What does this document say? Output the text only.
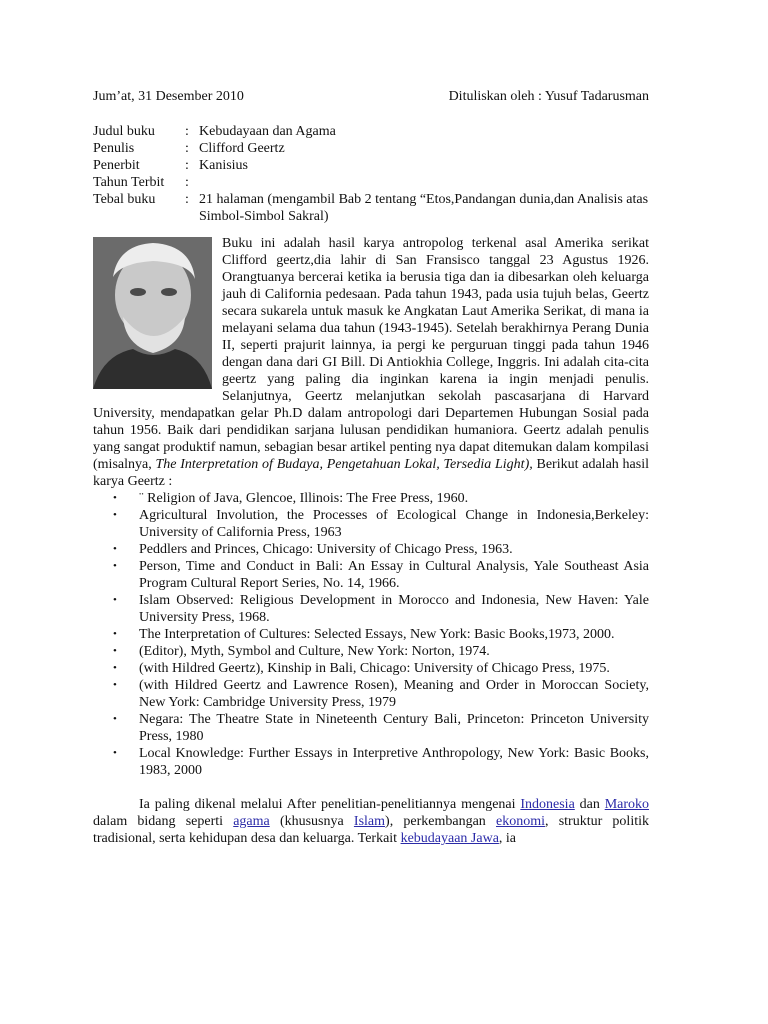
Jum’at, 31 Desember 2010	Dituliskan oleh : Yusuf Tadarusman
Judul buku	: Kebudayaan dan Agama
Penulis	: Clifford Geertz
Penerbit	: Kanisius
Tahun Terbit	:
Tebal buku	: 21 halaman (mengambil Bab 2 tentang “Etos,Pandangan dunia,dan Analisis atas Simbol-Simbol Sakral)

Buku ini adalah hasil karya antropolog terkenal asal Amerika serikat Clifford geertz,dia lahir di San Fransisco tanggal 23 Agustus 1926. Orangtuanya bercerai ketika ia berusia tiga dan ia dibesarkan oleh keluarga jauh di California pedesaan. Pada tahun 1943, pada usia tujuh belas, Geertz secara sukarela untuk masuk ke Angkatan Laut Amerika Serikat, di mana ia melayani selama dua tahun (1943-1945). Setelah berakhirnya Perang Dunia II, seperti prajurit lainnya, ia pergi ke perguruan tinggi pada tahun 1946 dengan dana dari GI Bill. Di Antiokhia College, Inggris. Ini adalah cita-cita geertz yang paling dia inginkan karena ia ingin menjadi penulis. Selanjutnya, Geertz melanjutkan sekolah pascasarjana di Harvard University, mendapatkan gelar Ph.D dalam antropologi dari Departemen Hubungan Sosial pada tahun 1956. Baik dari pendidikan sarjana lulusan pendidikan humaniora. Geertz adalah penulis yang sangat produktif namun, sebagian besar artikel penting nya dapat ditemukan dalam kompilasi (misalnya, The Interpretation of Budaya, Pengetahuan Lokal, Tersedia Light), Berikut adalah hasil karya Geertz :

• ¨ Religion of Java, Glencoe, Illinois: The Free Press, 1960.
• Agricultural Involution, the Processes of Ecological Change in Indonesia,Berkeley: University of California Press, 1963
• Peddlers and Princes, Chicago: University of Chicago Press, 1963.
• Person, Time and Conduct in Bali: An Essay in Cultural Analysis, Yale Southeast Asia Program Cultural Report Series, No. 14, 1966.
• Islam Observed: Religious Development in Morocco and Indonesia, New Haven: Yale University Press, 1968.
• The Interpretation of Cultures: Selected Essays, New York: Basic Books,1973, 2000.
• (Editor), Myth, Symbol and Culture, New York: Norton, 1974.
• (with Hildred Geertz), Kinship in Bali, Chicago: University of Chicago Press, 1975.
• (with Hildred Geertz and Lawrence Rosen), Meaning and Order in Moroccan Society, New York: Cambridge University Press, 1979
• Negara: The Theatre State in Nineteenth Century Bali, Princeton: Princeton University Press, 1980
• Local Knowledge: Further Essays in Interpretive Anthropology, New York: Basic Books, 1983, 2000

Ia paling dikenal melalui After penelitian-penelitiannya mengenai Indonesia dan Maroko dalam bidang seperti agama (khususnya Islam), perkembangan ekonomi, struktur politik tradisional, serta kehidupan desa dan keluarga. Terkait kebudayaan Jawa, ia
